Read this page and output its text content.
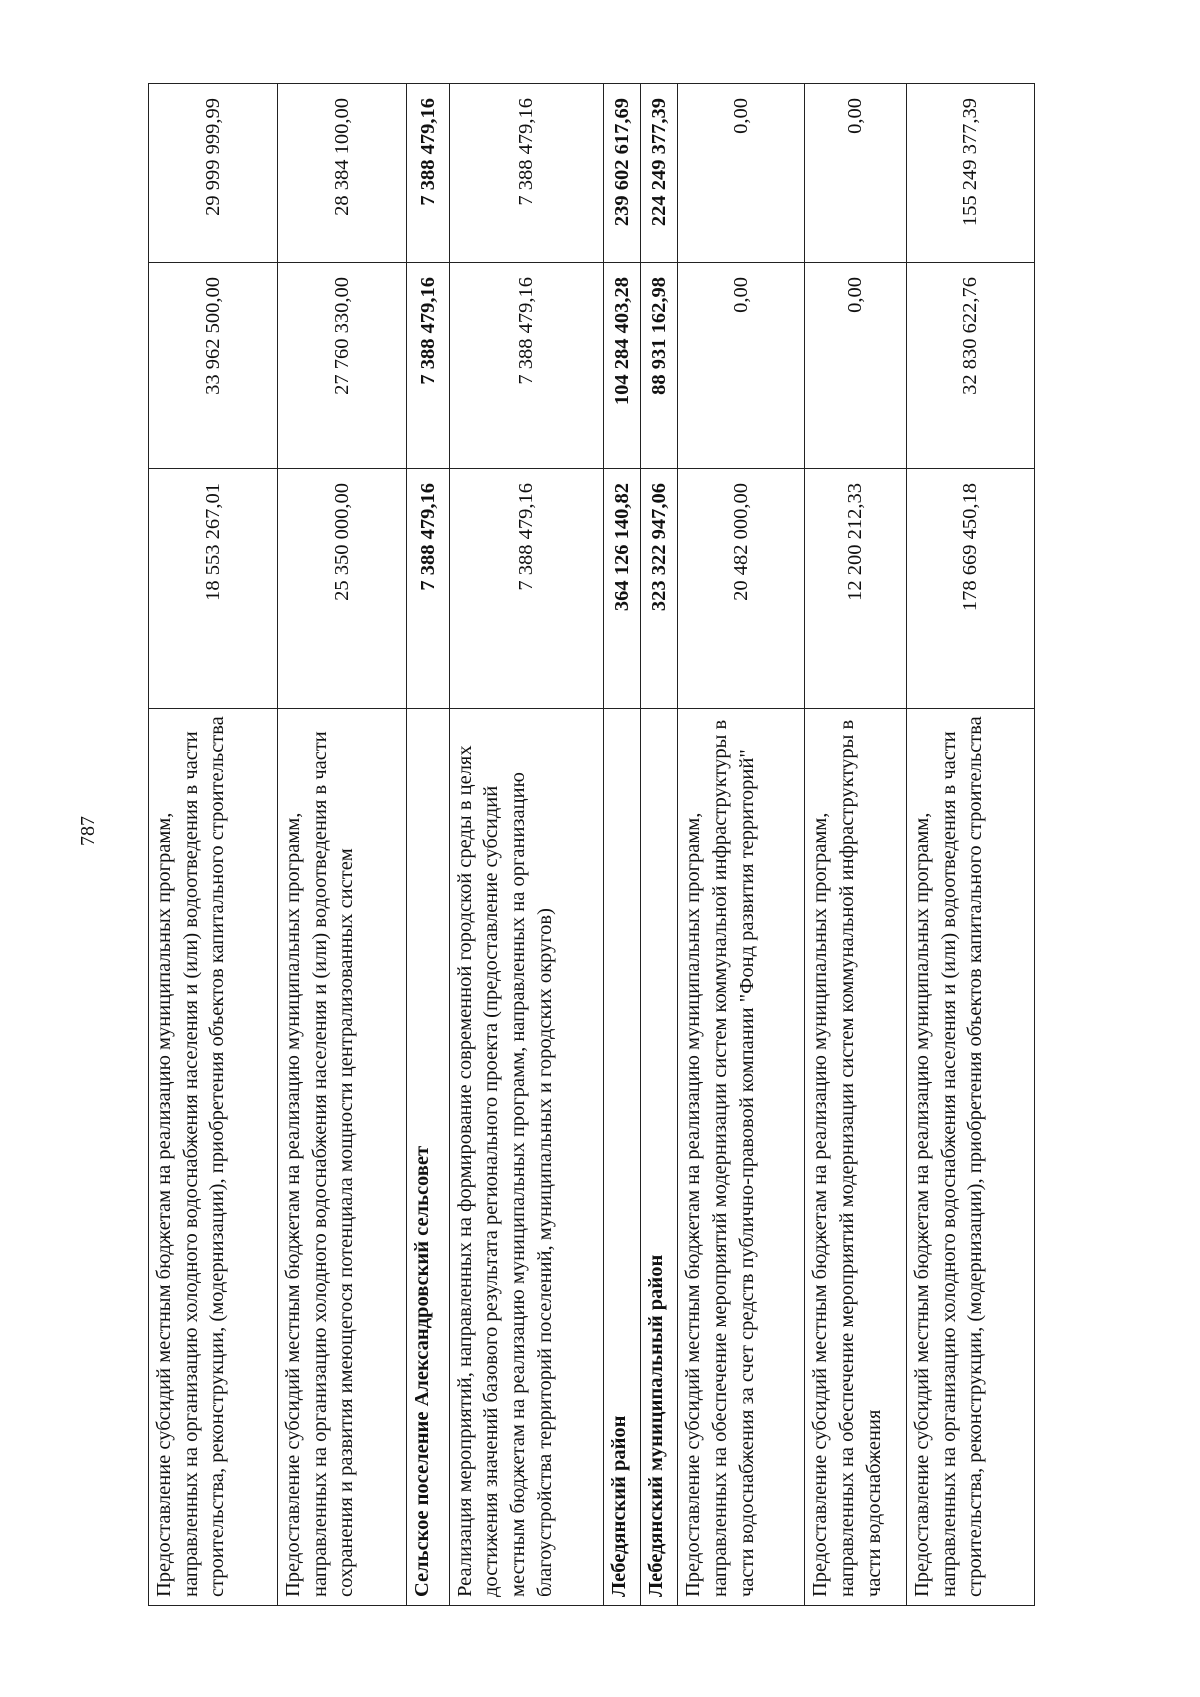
787	Предоставление субсидий местным бюджетам на реализацию муниципальных программ, направленных на организацию холодного водоснабжения населения и (или) водоотведения в части строительства, реконструкции, (модернизации), приобретения объектов капитального строительства	18 553 267,01	33 962 500,00	29 999 999,99
Предоставление субсидий местным бюджетам на реализацию муниципальных программ, направленных на организацию холодного водоснабжения населения и (или) водоотведения в части сохранения и развития имеющегося потенциала мощности централизованных систем	25 350 000,00	27 760 330,00	28 384 100,00
Сельское поселение Александровский сельсовет	7 388 479,16	7 388 479,16	7 388 479,16
Реализация мероприятий, направленных на формирование современной городской среды в целях достижения значений базового результата регионального проекта (предоставление субсидий местным бюджетам на реализацию муниципальных программ, направленных на организацию благоустройства территорий поселений, муниципальных и городских округов)	7 388 479,16	7 388 479,16	7 388 479,16
Лебедянский район	364 126 140,82	104 284 403,28	239 602 617,69
Лебедянский муниципальный район	323 322 947,06	88 931 162,98	224 249 377,39
Предоставление субсидий местным бюджетам на реализацию муниципальных программ, направленных на обеспечение мероприятий модернизации систем коммунальной инфраструктуры в части водоснабжения за счет средств публично-правовой компании "Фонд развития территорий"	20 482 000,00	0,00	0,00
Предоставление субсидий местным бюджетам на реализацию муниципальных программ, направленных на обеспечение мероприятий модернизации систем коммунальной инфраструктуры в части водоснабжения	12 200 212,33	0,00	0,00
Предоставление субсидий местным бюджетам на реализацию муниципальных программ, направленных на организацию холодного водоснабжения населения и (или) водоотведения в части строительства, реконструкции, (модернизации), приобретения объектов капитального строительства	178 669 450,18	32 830 622,76	155 249 377,39
